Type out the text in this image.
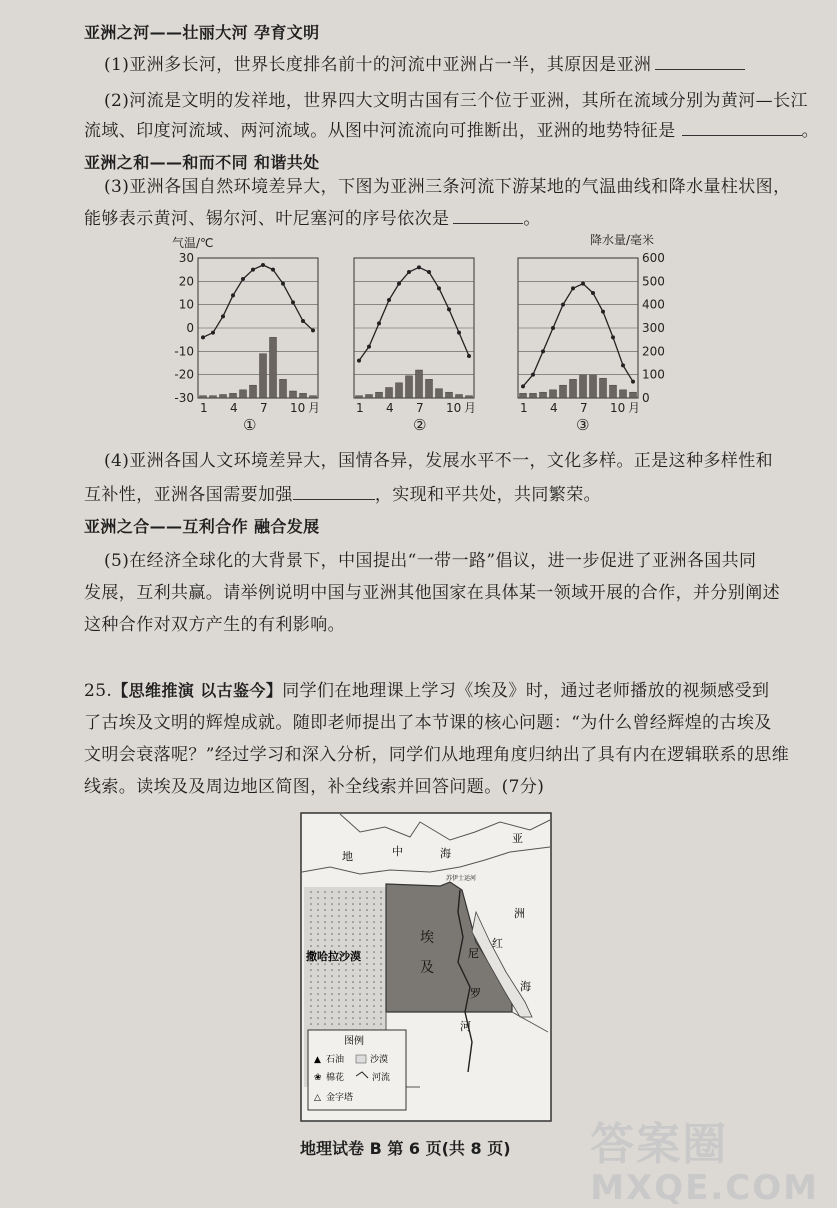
亚洲之河——壮丽大河 孕育文明
(1)亚洲多长河，世界长度排名前十的河流中亚洲占一半，其原因是亚洲
(2)河流是文明的发祥地，世界四大文明古国有三个位于亚洲，其所在流域分别为黄河—长江
流域、印度河流域、两河流域。从图中河流流向可推断出，亚洲的地势特征是	。
亚洲之和——和而不同 和谐共处
(3)亚洲各国自然环境差异大，下图为亚洲三条河流下游某地的气温曲线和降水量柱状图，
能够表示黄河、锡尔河、叶尼塞河的序号依次是	。
气温/℃	降水量/毫米
1 4 7 10 月
30
20
10
0
-10
-20
-30
①
1 4 7 10 月
②
1 4 7 10 月
600
500
400
300
200
100
0
③
(4)亚洲各国人文环境差异大，国情各异，发展水平不一，文化多样。正是这种多样性和
互补性，亚洲各国需要加强	，实现和平共处，共同繁荣。
亚洲之合——互利合作 融合发展
(5)在经济全球化的大背景下，中国提出“一带一路”倡议，进一步促进了亚洲各国共同
发展，互利共赢。请举例说明中国与亚洲其他国家在具体某一领域开展的合作，并分别阐述
这种合作对双方产生的有利影响。
25.【思维推演 以古鉴今】同学们在地理课上学习《埃及》时，通过老师播放的视频感受到
了古埃及文明的辉煌成就。随即老师提出了本节课的核心问题：“为什么曾经辉煌的古埃及
文明会衰落呢？”经过学习和深入分析，同学们从地理角度归纳出了具有内在逻辑联系的思维
线索。读埃及及周边地区简图，补全线索并回答问题。(7分)
地	中	海
苏伊士运河
亚
洲
红
海
撒哈拉沙漠
埃
及
尼
罗
河
图例
▲ 石油	沙漠
❀ 棉花	河流
△ 金字塔
地理试卷 B 第 6 页(共 8 页) 答案圈
MXQE.COM
